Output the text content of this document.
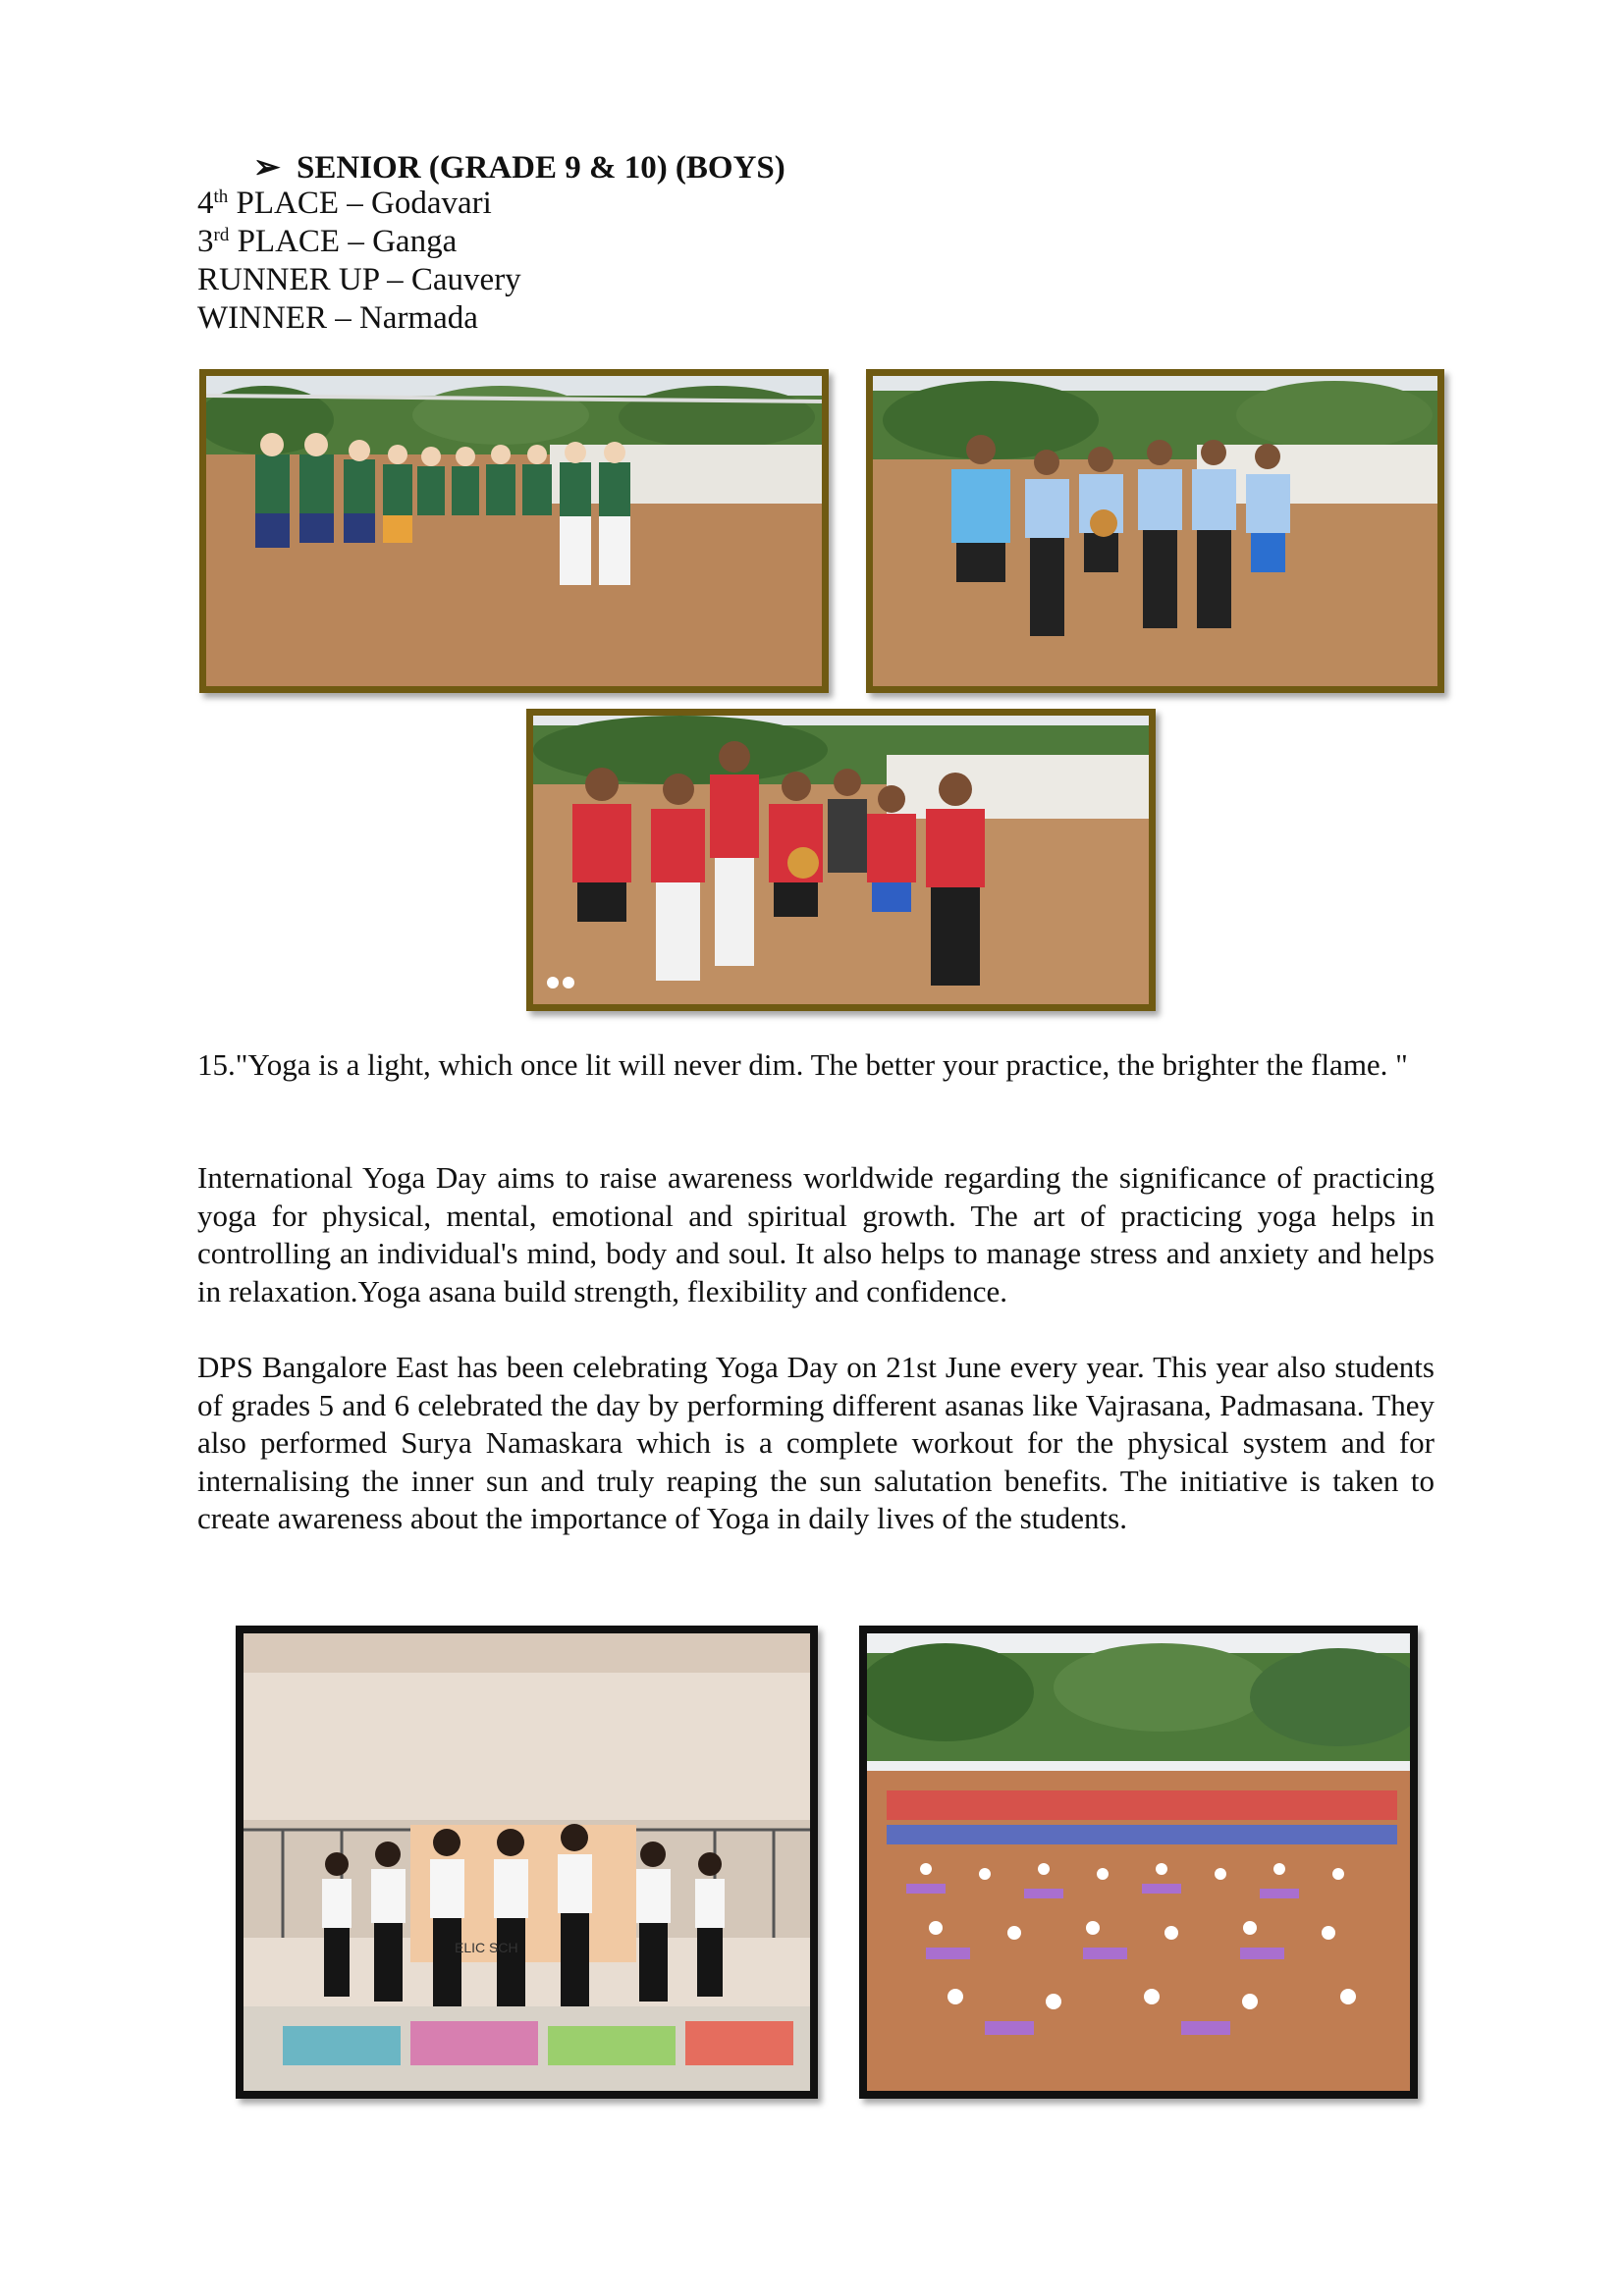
➢ SENIOR (GRADE 9 & 10) (BOYS)
4th PLACE – Godavari
3rd PLACE – Ganga
RUNNER UP – Cauvery
WINNER – Narmada
15."Yoga is a light, which once lit will never dim. The better your practice, the brighter the flame. "
International Yoga Day aims to raise awareness worldwide regarding the significance of practicing yoga for physical, mental, emotional and spiritual growth. The art of practicing yoga helps in controlling an individual's mind, body and soul. It also helps to manage stress and anxiety and helps in relaxation.Yoga asana build strength, flexibility and confidence.
DPS Bangalore East has been celebrating Yoga Day on 21st June every year. This year also students of grades 5 and 6 celebrated the day by performing different asanas like Vajrasana, Padmasana. They also performed Surya Namaskara which is a complete workout for the physical system and for internalising the inner sun and truly reaping the sun salutation benefits. The initiative is taken to create awareness about the importance of Yoga in daily lives of the students.
ELIC SCH
